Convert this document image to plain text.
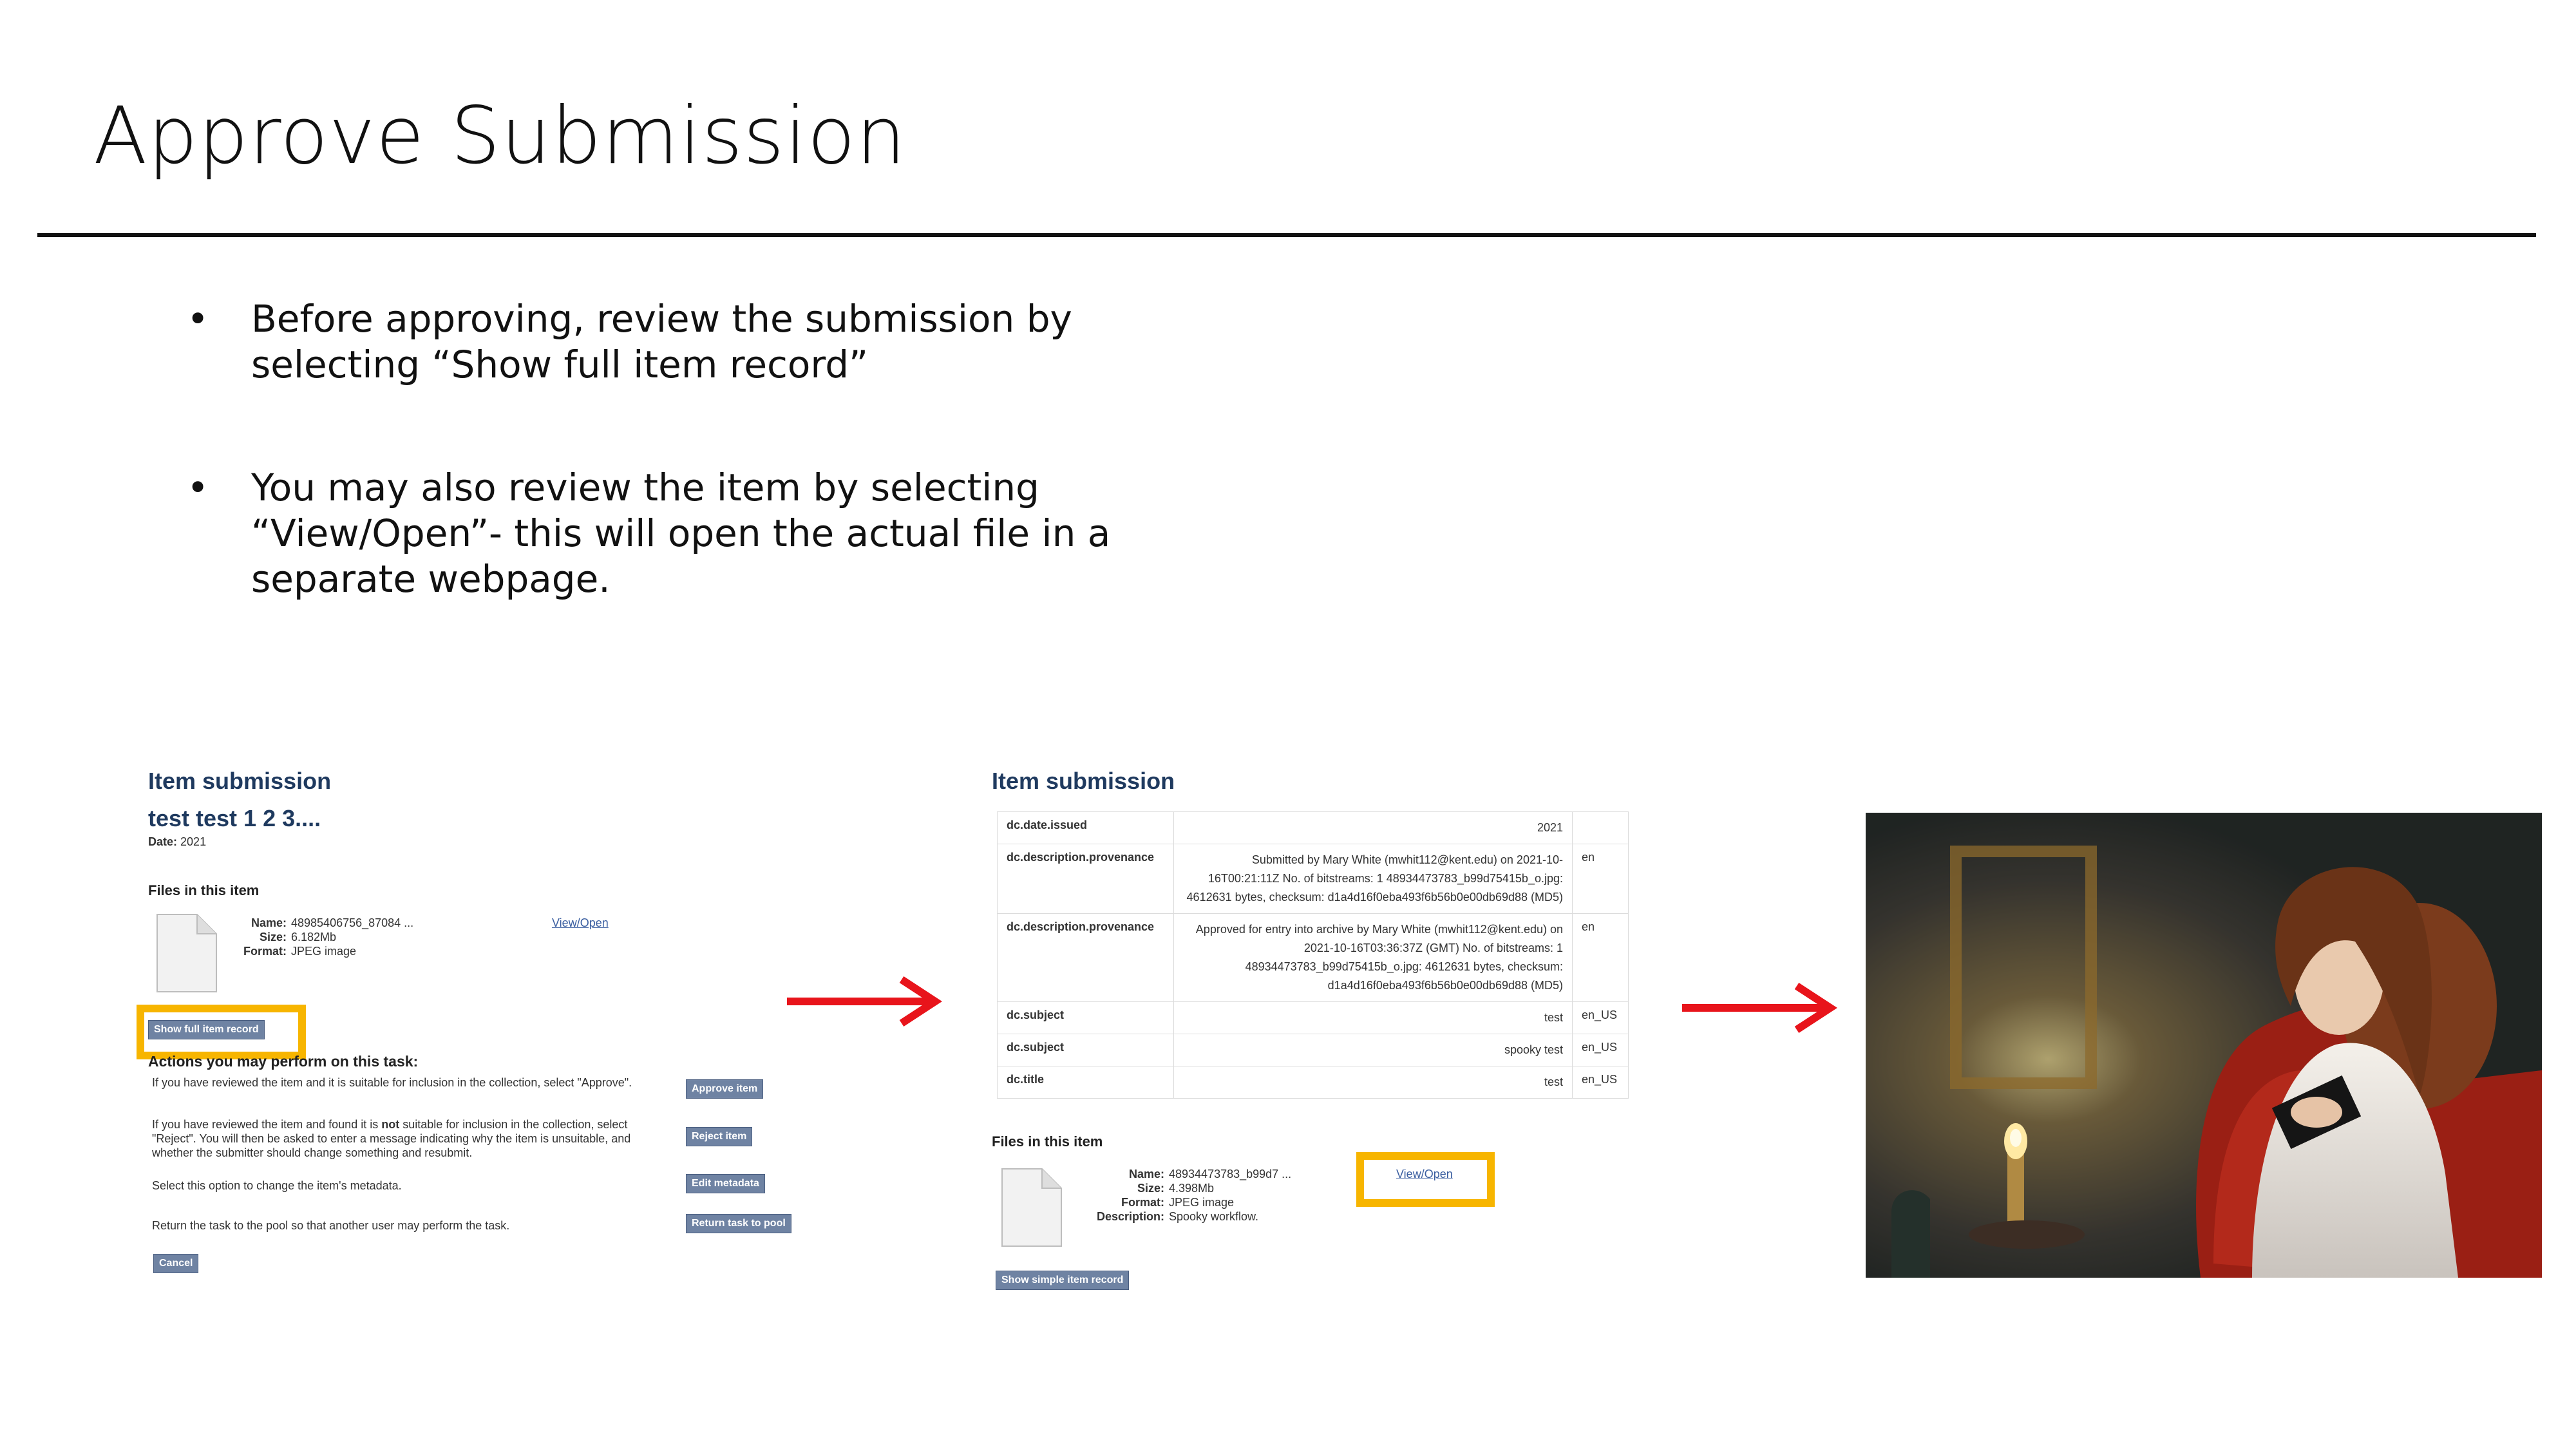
Approve Submission
• Before approving, review the submission by selecting “Show full item record”
• You may also review the item by selecting “View/Open”- this will open the actual file in a separate webpage.
Item submission
test test 1 2 3....
Date: 2021
Files in this item
Name: 48985406756_87084 ...
Size: 6.182Mb
Format: JPEG image
View/Open
Show full item record
Actions you may perform on this task:
If you have reviewed the item and it is suitable for inclusion in the collection, select "Approve".	Approve item
If you have reviewed the item and found it is not suitable for inclusion in the collection, select "Reject". You will then be asked to enter a message indicating why the item is unsuitable, and whether the submitter should change something and resubmit.
Reject item
Select this option to change the item's metadata.	Edit metadata
Return the task to the pool so that another user may perform the task.	Return task to pool
Cancel
Item submission
dc.date.issued	2021	
dc.description.provenance	Submitted by Mary White (mwhit112@kent.edu) on 2021-10-16T00:21:11Z No. of bitstreams: 1 48934473783_b99d75415b_o.jpg: 4612631 bytes, checksum: d1a4d16f0eba493f6b56b0e00db69d88 (MD5)	en
dc.description.provenance	Approved for entry into archive by Mary White (mwhit112@kent.edu) on 2021-10-16T03:36:37Z (GMT) No. of bitstreams: 1 48934473783_b99d75415b_o.jpg: 4612631 bytes, checksum: d1a4d16f0eba493f6b56b0e00db69d88 (MD5)	en
dc.subject	test	en_US
dc.subject	spooky test	en_US
dc.title	test	en_US
Files in this item
Name: 48934473783_b99d7 ...
Size: 4.398Mb
Format: JPEG image
Description: Spooky workflow.
View/Open
Show simple item record
